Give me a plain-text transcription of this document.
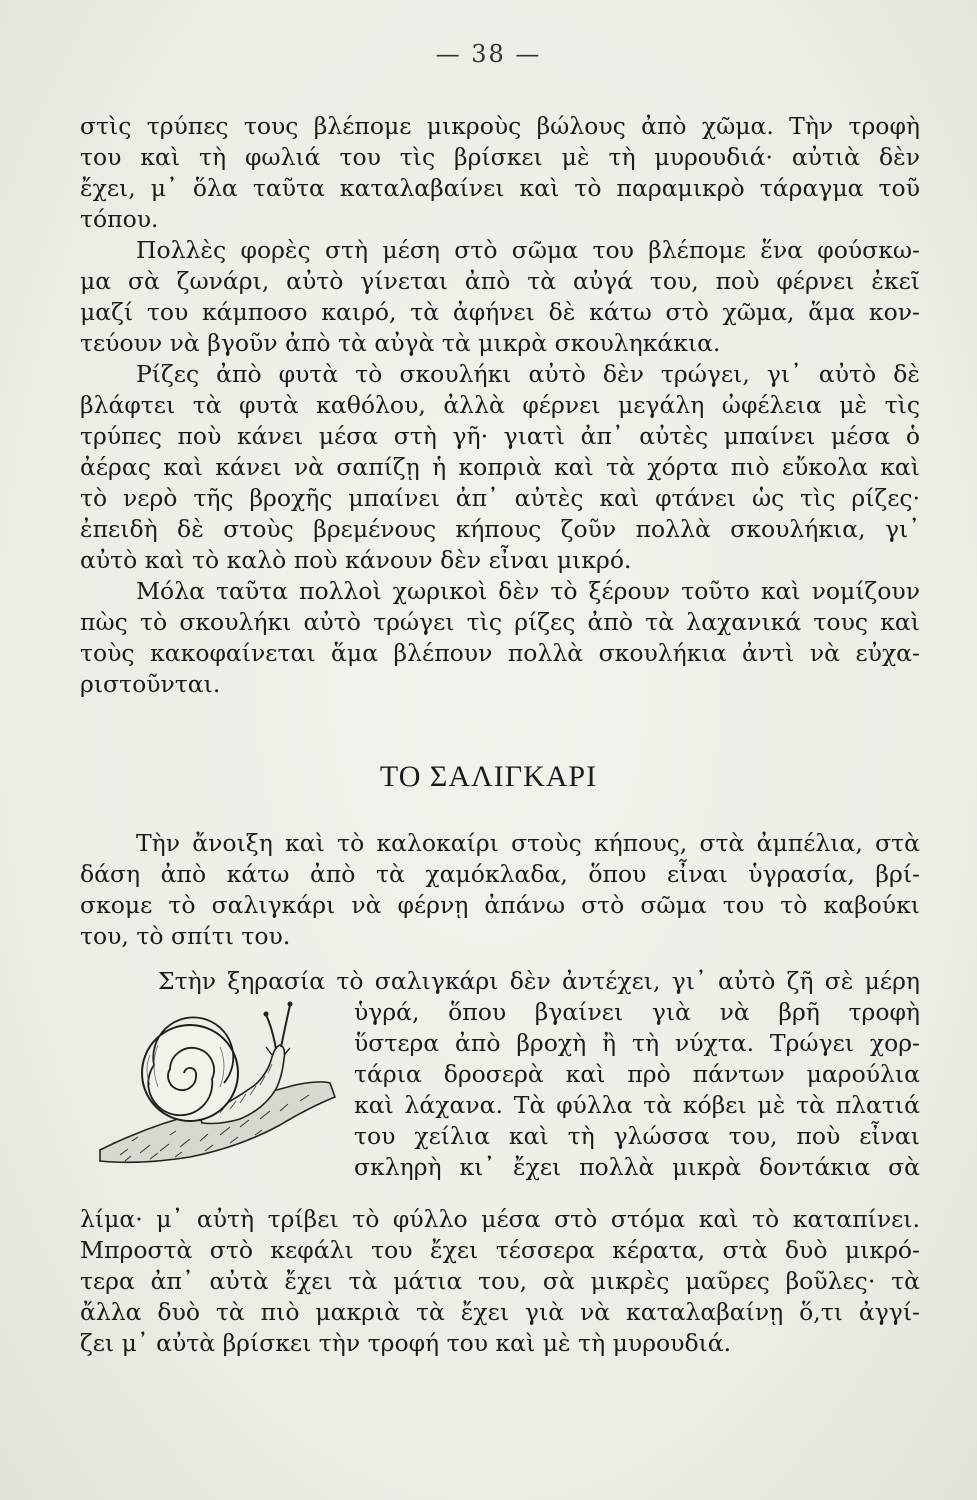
— 38 —

στὶς τρύπες τους βλέπομε μικροὺς βώλους ἀπὸ χῶμα. Τὴν τροφὴ
του καὶ τὴ φωλιά του τὶς βρίσκει μὲ τὴ μυρουδιά· αὐτιὰ δὲν
ἔχει, μ᾽ ὅλα ταῦτα καταλαβαίνει καὶ τὸ παραμικρὸ τάραγμα τοῦ
τόπου.

Πολλὲς φορὲς στὴ μέση στὸ σῶμα του βλέπομε ἕνα φούσκω-
μα σὰ ζωνάρι, αὐτὸ γίνεται ἀπὸ τὰ αὐγά του, ποὺ φέρνει ἐκεῖ
μαζί του κάμποσο καιρό, τὰ ἀφήνει δὲ κάτω στὸ χῶμα, ἅμα κον-
τεύουν νὰ βγοῦν ἀπὸ τὰ αὐγὰ τὰ μικρὰ σκουληκάκια.

Ρίζες ἀπὸ φυτὰ τὸ σκουλήκι αὐτὸ δὲν τρώγει, γι᾽ αὐτὸ δὲ
βλάφτει τὰ φυτὰ καθόλου, ἀλλὰ φέρνει μεγάλη ὠφέλεια μὲ τὶς
τρύπες ποὺ κάνει μέσα στὴ γῆ· γιατὶ ἀπ᾽ αὐτὲς μπαίνει μέσα ὁ
ἀέρας καὶ κάνει νὰ σαπίζῃ ἡ κοπριὰ καὶ τὰ χόρτα πιὸ εὔκολα καὶ
τὸ νερὸ τῆς βροχῆς μπαίνει ἀπ᾽ αὐτὲς καὶ φτάνει ὡς τὶς ρίζες·
ἐπειδὴ δὲ στοὺς βρεμένους κήπους ζοῦν πολλὰ σκουλήκια, γι᾽
αὐτὸ καὶ τὸ καλὸ ποὺ κάνουν δὲν εἶναι μικρό.

Μόλα ταῦτα πολλοὶ χωρικοὶ δὲν τὸ ξέρουν τοῦτο καὶ νομίζουν
πὼς τὸ σκουλήκι αὐτὸ τρώγει τὶς ρίζες ἀπὸ τὰ λαχανικά τους καὶ
τοὺς κακοφαίνεται ἅμα βλέπουν πολλὰ σκουλήκια ἀντὶ νὰ εὐχα-
ριστοῦνται.

ΤΟ ΣΑΛΙΓΚΑΡΙ
Τὴν ἄνοιξη καὶ τὸ καλοκαίρι στοὺς κήπους, στὰ ἀμπέλια, στὰ
δάση ἀπὸ κάτω ἀπὸ τὰ χαμόκλαδα, ὅπου εἶναι ὑγρασία, βρί-
σκομε τὸ σαλιγκάρι νὰ φέρνῃ ἀπάνω στὸ σῶμα του τὸ καβούκι
του, τὸ σπίτι του.
Στὴν ξηρασία τὸ σαλιγκάρι δὲν ἀντέχει, γι᾽ αὐτὸ ζῆ σὲ μέρη
ὑγρά, ὅπου βγαίνει γιὰ νὰ βρῆ τροφὴ
ὕστερα ἀπὸ βροχὴ ἢ τὴ νύχτα. Τρώγει χορ-
τάρια δροσερὰ καὶ πρὸ πάντων μαρούλια
καὶ λάχανα. Τὰ φύλλα τὰ κόβει μὲ τὰ πλατιά
του χείλια καὶ τὴ γλώσσα του, ποὺ εἶναι
σκληρὴ κι᾽ ἔχει πολλὰ μικρὰ δοντάκια σὰ
λίμα· μ᾽ αὐτὴ τρίβει τὸ φύλλο μέσα στὸ στόμα καὶ τὸ καταπίνει.
Μπροστὰ στὸ κεφάλι του ἔχει τέσσερα κέρατα, στὰ δυὸ μικρό-
τερα ἀπ᾽ αὐτὰ ἔχει τὰ μάτια του, σὰ μικρὲς μαῦρες βοῦλες· τὰ
ἄλλα δυὸ τὰ πιὸ μακριὰ τὰ ἔχει γιὰ νὰ καταλαβαίνῃ ὅ,τι ἀγγί-
ζει μ᾽ αὐτὰ βρίσκει τὴν τροφή του καὶ μὲ τὴ μυρουδιά.
